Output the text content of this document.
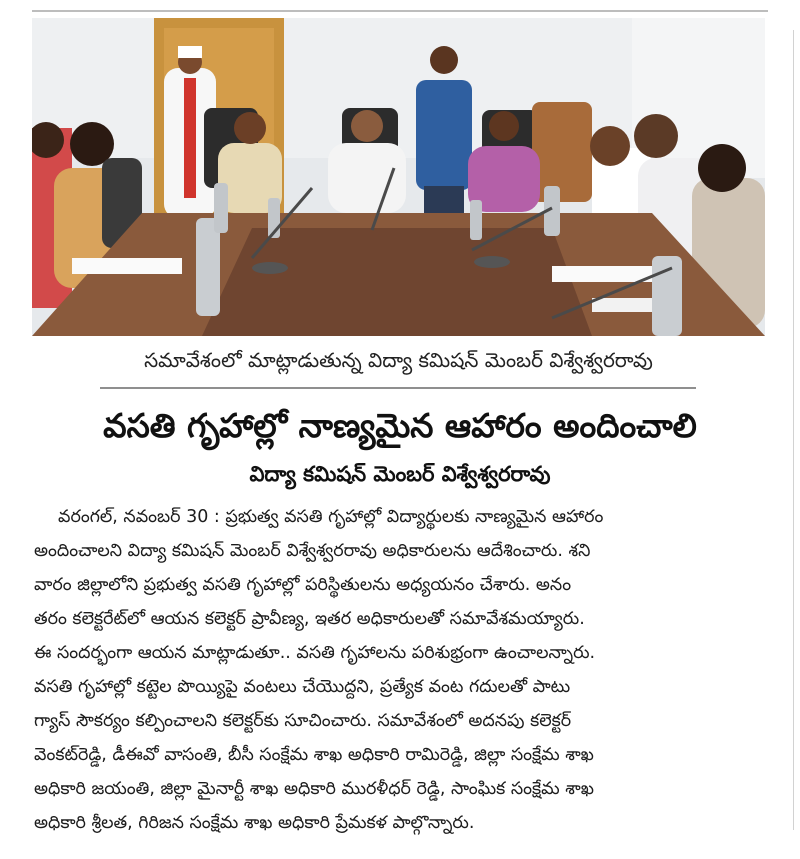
సమావేశంలో మాట్లాడుతున్న విద్యా కమిషన్ మెంబర్ విశ్వేశ్వరరావు
వసతి గృహాల్లో నాణ్యమైన ఆహారం అందించాలి
విద్యా కమిషన్ మెంబర్ విశ్వేశ్వరరావు
వరంగల్, నవంబర్ 30 : ప్రభుత్వ వసతి గృహాల్లో విద్యార్థులకు నాణ్యమైన ఆహారం
అందించాలని విద్యా కమిషన్ మెంబర్ విశ్వేశ్వరరావు అధికారులను ఆదేశించారు. శని
వారం జిల్లాలోని ప్రభుత్వ వసతి గృహాల్లో పరిస్థితులను అధ్యయనం చేశారు. అనం
తరం కలెక్టరేట్‌లో ఆయన కలెక్టర్ ప్రావీణ్య, ఇతర అధికారులతో సమావేశమయ్యారు.
ఈ సందర్భంగా ఆయన మాట్లాడుతూ.. వసతి గృహాలను పరిశుభ్రంగా ఉంచాలన్నారు.
వసతి గృహాల్లో కట్టెల పొయ్యిపై వంటలు చేయొద్దని, ప్రత్యేక వంట గదులతో పాటు
గ్యాస్ సౌకర్యం కల్పించాలని కలెక్టర్‌కు సూచించారు. సమావేశంలో అదనపు కలెక్టర్
వెంకట్‌రెడ్డి, డీఈవో వాసంతి, బీసీ సంక్షేమ శాఖ అధికారి రామిరెడ్డి, జిల్లా సంక్షేమ శాఖ
అధికారి జయంతి, జిల్లా మైనార్టీ శాఖ అధికారి మురళీధర్ రెడ్డి, సాంఘిక సంక్షేమ శాఖ
అధికారి శ్రీలత, గిరిజన సంక్షేమ శాఖ అధికారి ప్రేమకళ పాల్గొన్నారు.
